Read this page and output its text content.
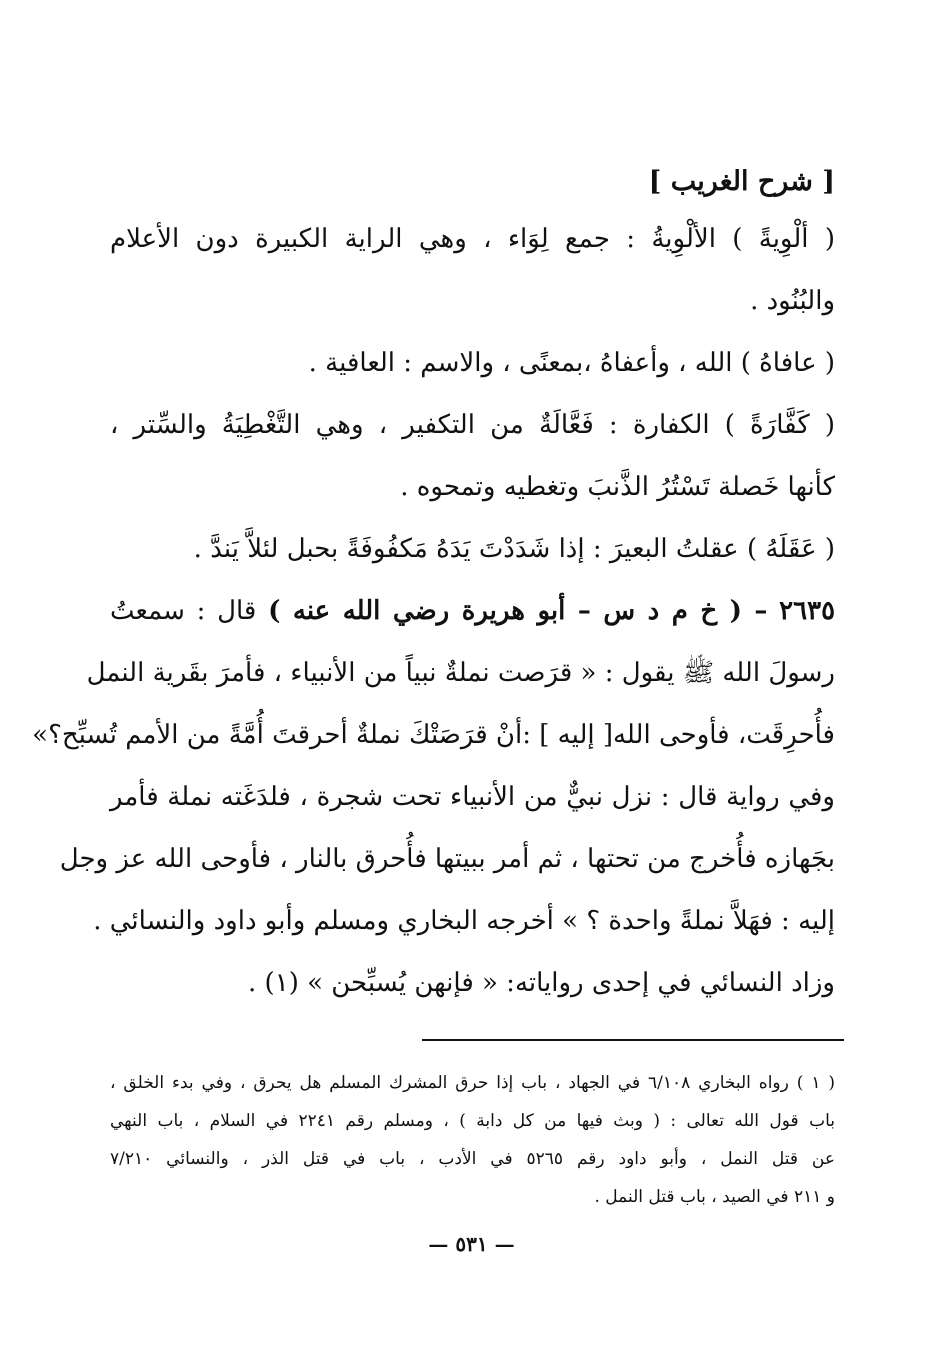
[ شرح الغريب ]
( ألْوِيةً ) الألْوِيةُ : جمع لِوَاء ، وهي الراية الكبيرة دون الأعلام
والبُنُود .
( عافاهُ ) الله ، وأعفاهُ ،بمعنًى ، والاسم : العافية .
( كَفَّارَةً ) الكفارة : فَعَّالَةٌ من التكفير ، وهي التَّغْطِيَةُ والسِّتر ،
كأنها خَصلة تَسْتُرُ الذَّنبَ وتغطيه وتمحوه .
( عَقَلَهُ ) عقلتُ البعيرَ : إذا شَدَدْتَ يَدَهُ مَكفُوفَةً بحبل لئلاَّ يَندَّ .
٢٦٣٥ – ( خ م د س – أبو هريرة رضي الله عنه ) قال : سمعتُ
رسولَ الله ﷺ يقول : « قرَصت نملةٌ نبياً من الأنبياء ، فأمرَ بقَرية النمل
فأُحرِقَت، فأوحى الله[ إليه ] :أنْ قرَصَتْكَ نملةٌ أحرقتَ أُمَّةً من الأمم تُسبِّح؟»
وفي رواية قال : نزل نبيٌّ من الأنبياء تحت شجرة ، فلدَغَته نملة فأمر
بجَهازه فأُخرج من تحتها ، ثم أمر ببيتها فأُحرق بالنار ، فأوحى الله عز وجل
إليه : فهَلاَّ نملةً واحدة ؟ » أخرجه البخاري ومسلم وأبو داود والنسائي .
وزاد النسائي في إحدى رواياته: « فإنهن يُسبِّحن » (١) .
( ١ ) رواه البخاري ٦/١٠٨ في الجهاد ، باب إذا حرق المشرك المسلم هل يحرق ، وفي بدء الخلق ،
باب قول الله تعالى : ( وبث فيها من كل دابة ) ، ومسلم رقم ٢٢٤١ في السلام ، باب النهي
عن قتل النمل ، وأبو داود رقم ٥٢٦٥ في الأدب ، باب في قتل الذر ، والنسائي ٧/٢١٠
و ٢١١ في الصيد ، باب قتل النمل .
— ٥٣١ —
